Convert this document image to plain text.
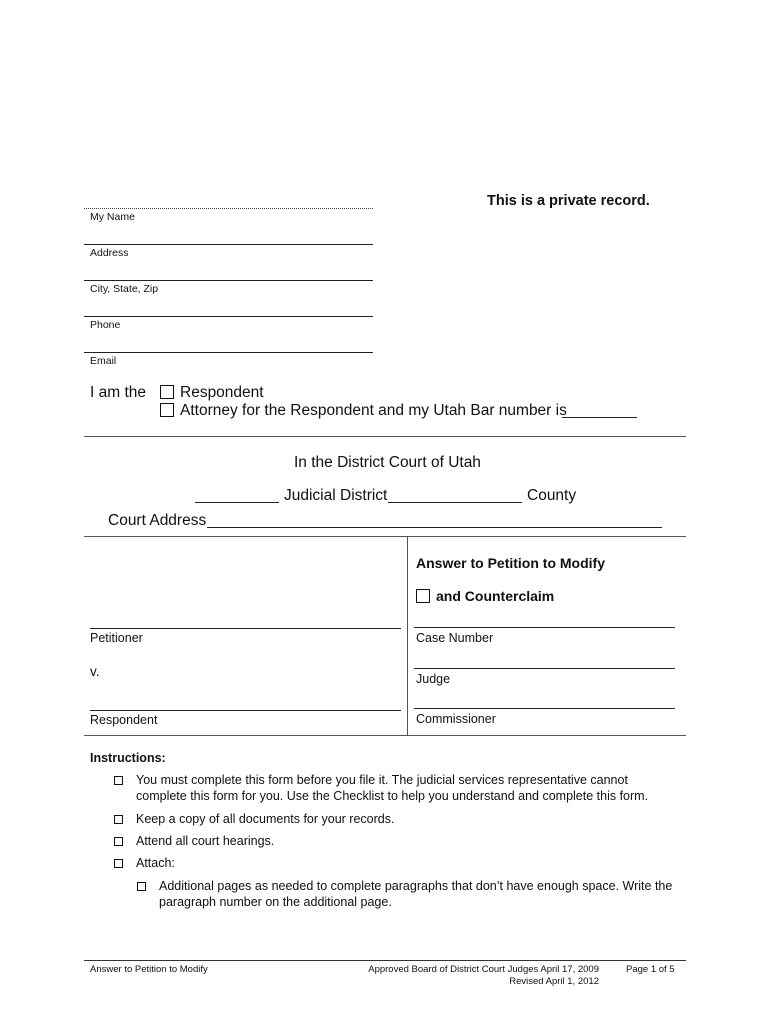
This is a private record.
My Name
Address
City, State, Zip
Phone
Email
I am the Respondent
Attorney for the Respondent and my Utah Bar number is
In the District Court of Utah
Judicial District	County
Court Address
Answer to Petition to Modify
and Counterclaim
Petitioner
v.
Respondent
Case Number
Judge
Commissioner
Instructions:
You must complete this form before you file it. The judicial services representative cannot
complete this form for you. Use the Checklist to help you understand and complete this form.
Keep a copy of all documents for your records.
Attend all court hearings.
Attach:
Additional pages as needed to complete paragraphs that don’t have enough space. Write the
paragraph number on the additional page.
Answer to Petition to Modify	Approved Board of District Court Judges April 17, 2009
Revised April 1, 2012
Page 1 of 5
